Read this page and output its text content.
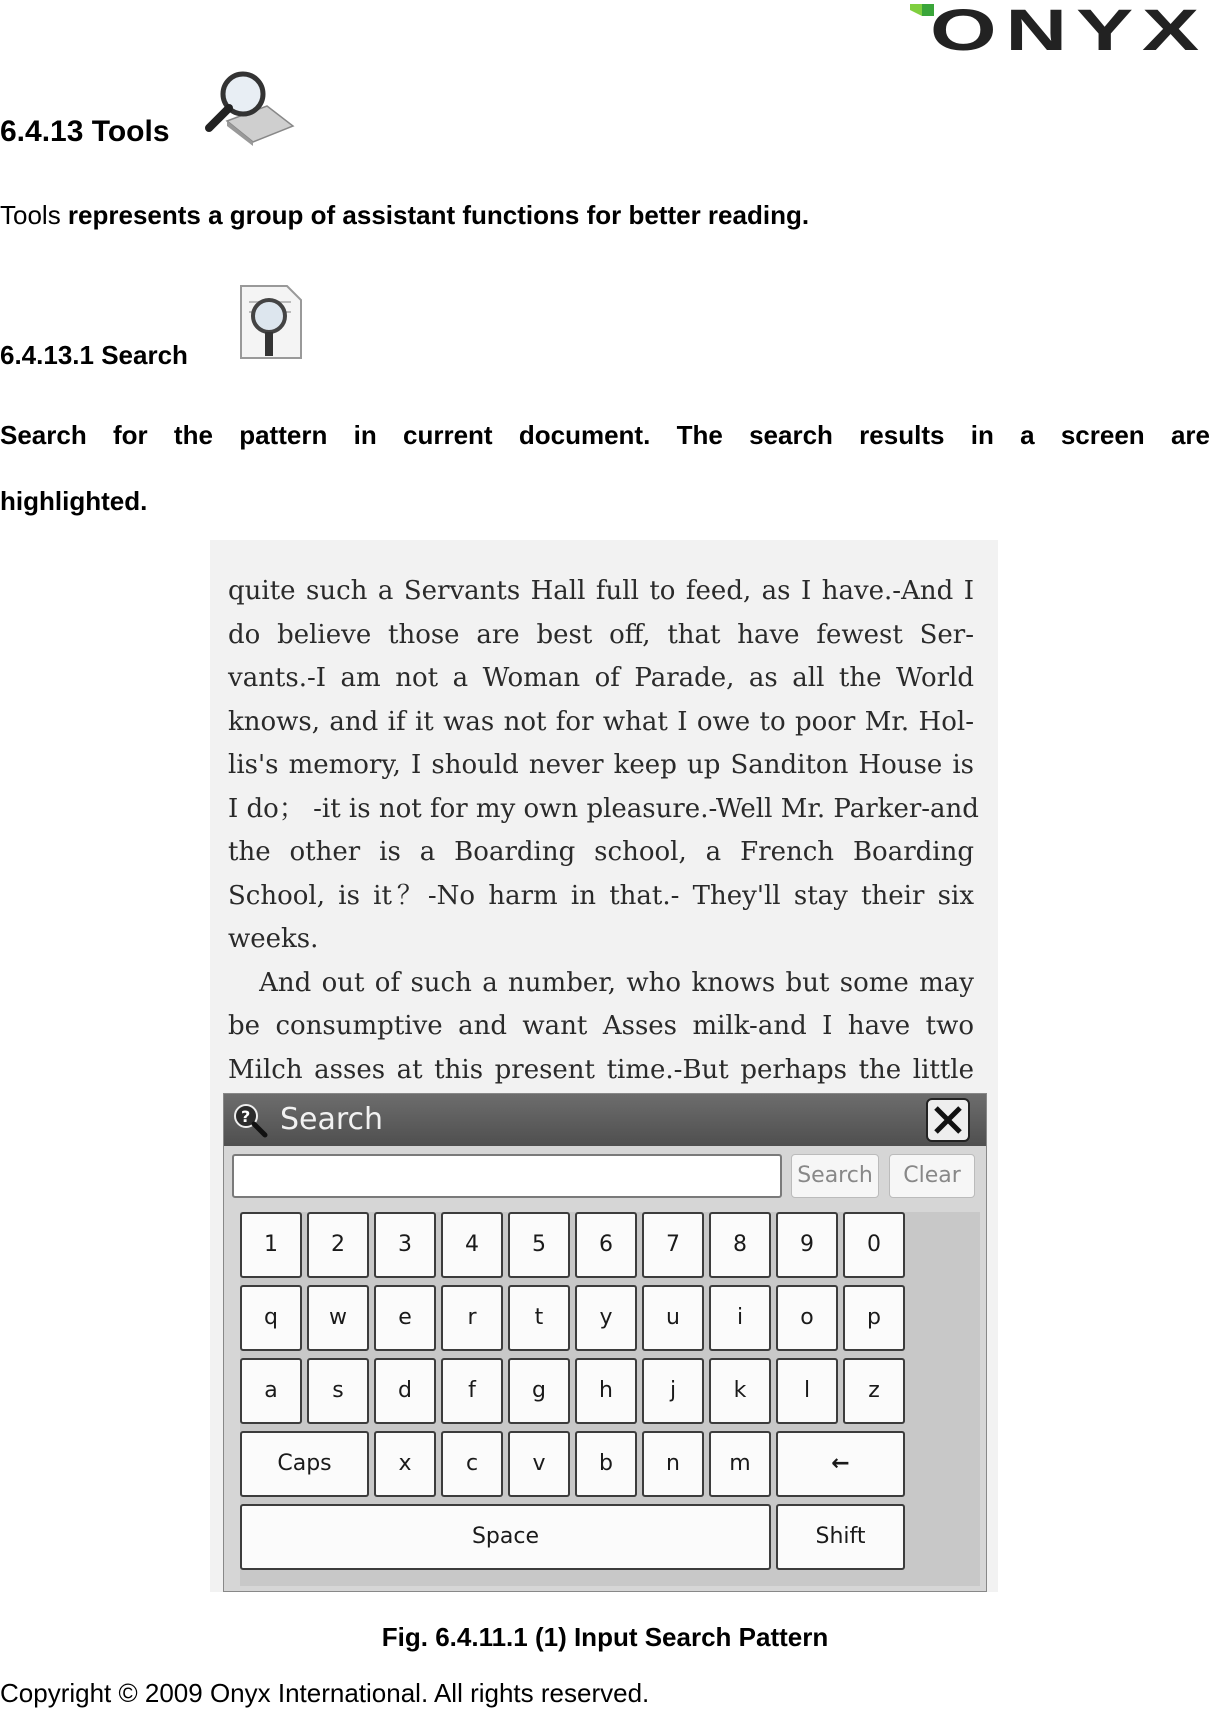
ONYX
6.4.13 Tools
Tools represents a group of assistant functions for better reading.
6.4.13.1 Search
Search for the pattern in current document. The search results in a screen are
highlighted.
quite such a Servants Hall full to feed, as I have.-And I
do believe those are best off, that have fewest Ser-
vants.-I am not a Woman of Parade, as all the World
knows, and if it was not for what I owe to poor Mr. Hol-
lis's memory, I should never keep up Sanditon House is
I do； -it is not for my own pleasure.-Well Mr. Parker-and
the other is a Boarding school, a French Boarding
School, is it？-No harm in that.- They'll stay their six
weeks.
And out of such a number, who knows but some may
be consumptive and want Asses milk-and I have two
Milch asses at this present time.-But perhaps the little
? Search
Search	Clear
1	2	3	4	5	6	7	8	9	0
q	w	e	r	t	y	u	i	o	p
a	s	d	f	g	h	j	k	l	z
Caps	x	c	v	b	n	m	←
Space	Shift
Fig. 6.4.11.1 (1) Input Search Pattern
Copyright © 2009 Onyx International. All rights reserved.
